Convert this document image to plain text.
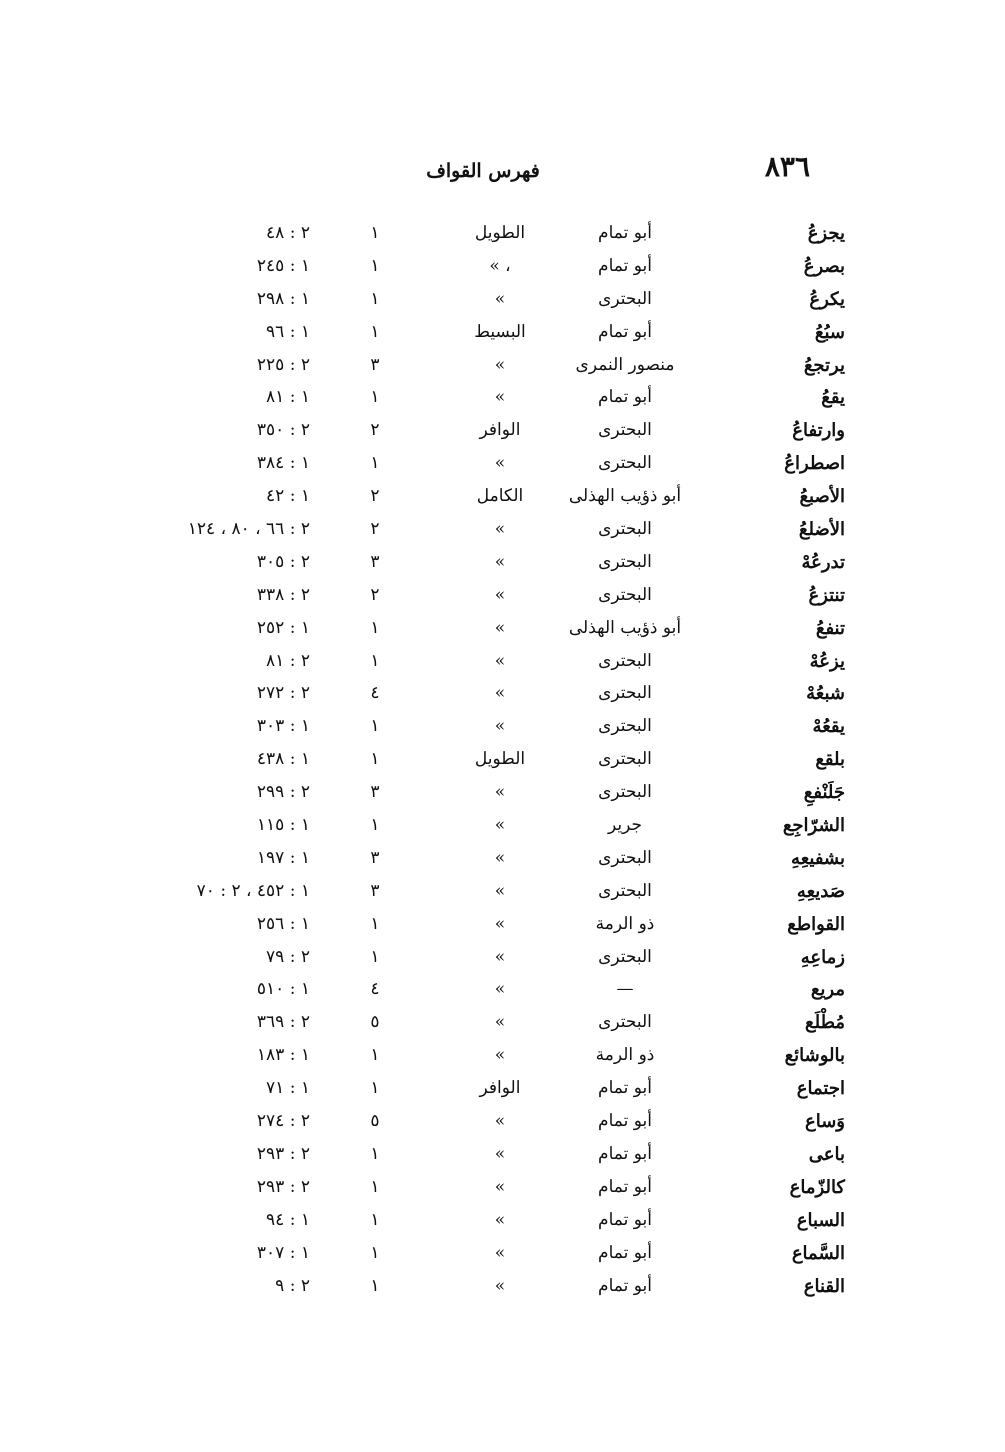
٨٣٦
فهرس القواف
يجزعُ
أبو تمام
الطويل
١
٢ : ٤٨
بصرعُ
أبو تمام
، »
١
١ : ٢٤٥
يكرعُ
البحترى
»
١
١ : ٢٩٨
سبُعُ
أبو تمام
البسيط
١
١ : ٩٦
يرتجعُ
منصور النمرى
»
٣
٢ : ٢٢٥
يقعُ
أبو تمام
»
١
١ : ٨١
وارتفاعُ
البحترى
الوافر
٢
٢ : ٣٥٠
اصطراعُ
البحترى
»
١
١ : ٣٨٤
الأصبعُ
أبو ذؤيب الهذلى
الكامل
٢
١ : ٤٢
الأضلعُ
البحترى
»
٢
٢ : ٦٦ ، ٨٠ ، ١٢٤
تدرعُهْ
البحترى
»
٣
٢ : ٣٠٥
تنتزعُ
البحترى
»
٢
٢ : ٣٣٨
تنفعُ
أبو ذؤيب الهذلى
»
١
١ : ٢٥٢
يزعُهْ
البحترى
»
١
٢ : ٨١
شبعُهْ
البحترى
»
٤
٢ : ٢٧٢
يقعُهْ
البحترى
»
١
١ : ٣٠٣
بلقع
البحترى
الطويل
١
١ : ٤٣٨
جَلَنْفعِ
البحترى
»
٣
٢ : ٢٩٩
الشرّاجِع
جرير
»
١
١ : ١١٥
بشفيعِهِ
البحترى
»
٣
١ : ١٩٧
صَديعِهِ
البحترى
»
٣
١ : ٤٥٢ ، ٢ : ٧٠
القواطع
ذو الرمة
»
١
١ : ٢٥٦
زماعِهِ
البحترى
»
١
٢ : ٧٩
مريع
—
»
٤
١ : ٥١٠
مُطْلَع
البحترى
»
٥
٢ : ٣٦٩
بالوشائع
ذو الرمة
»
١
١ : ١٨٣
اجتماع
أبو تمام
الوافر
١
١ : ٧١
وَساع
أبو تمام
»
٥
٢ : ٢٧٤
باعى
أبو تمام
»
١
٢ : ٢٩٣
كالزّماع
أبو تمام
»
١
٢ : ٢٩٣
السباع
أبو تمام
»
١
١ : ٩٤
السَّماع
أبو تمام
»
١
١ : ٣٠٧
القناع
أبو تمام
»
١
٢ : ٩
